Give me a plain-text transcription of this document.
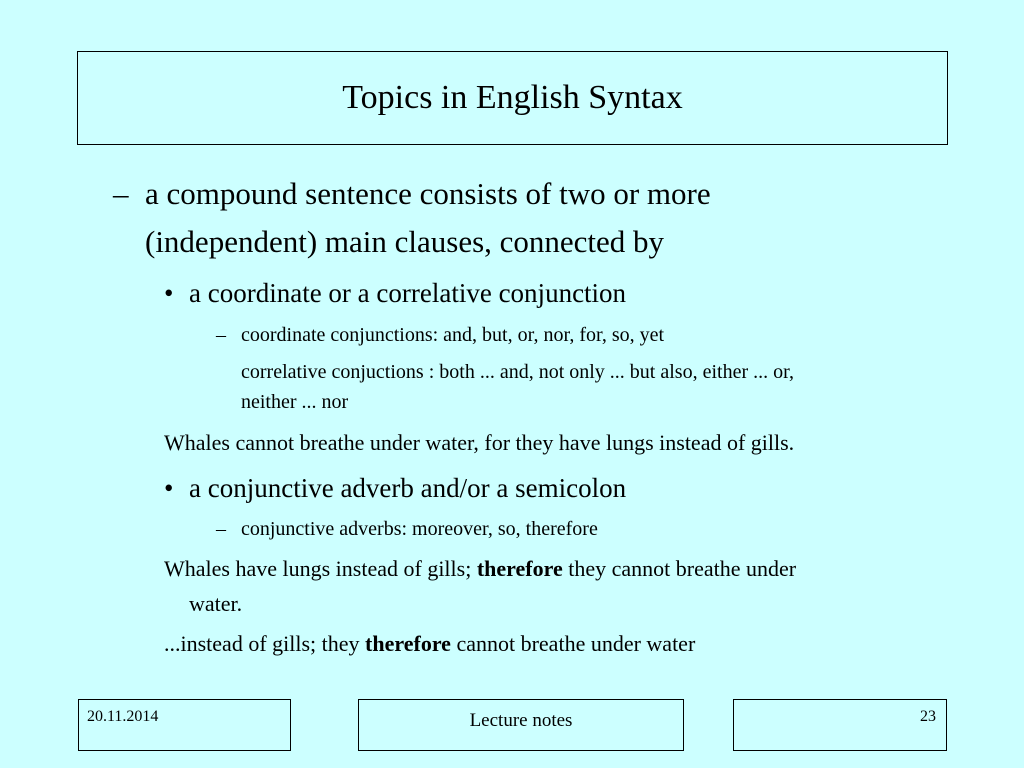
Topics in English Syntax
– a compound sentence consists of two or more
(independent) main clauses, connected by
• a coordinate or a correlative conjunction
– coordinate conjunctions: and, but, or, nor, for, so, yet
correlative conjuctions : both ... and, not only ... but also, either ... or,
neither ... nor
Whales cannot breathe under water, for they have lungs instead of gills.
• a conjunctive adverb and/or a semicolon
– conjunctive adverbs: moreover, so, therefore
Whales have lungs instead of gills; therefore they cannot breathe under
water.
...instead of gills; they therefore cannot breathe under water
20.11.2014	Lecture notes	23
